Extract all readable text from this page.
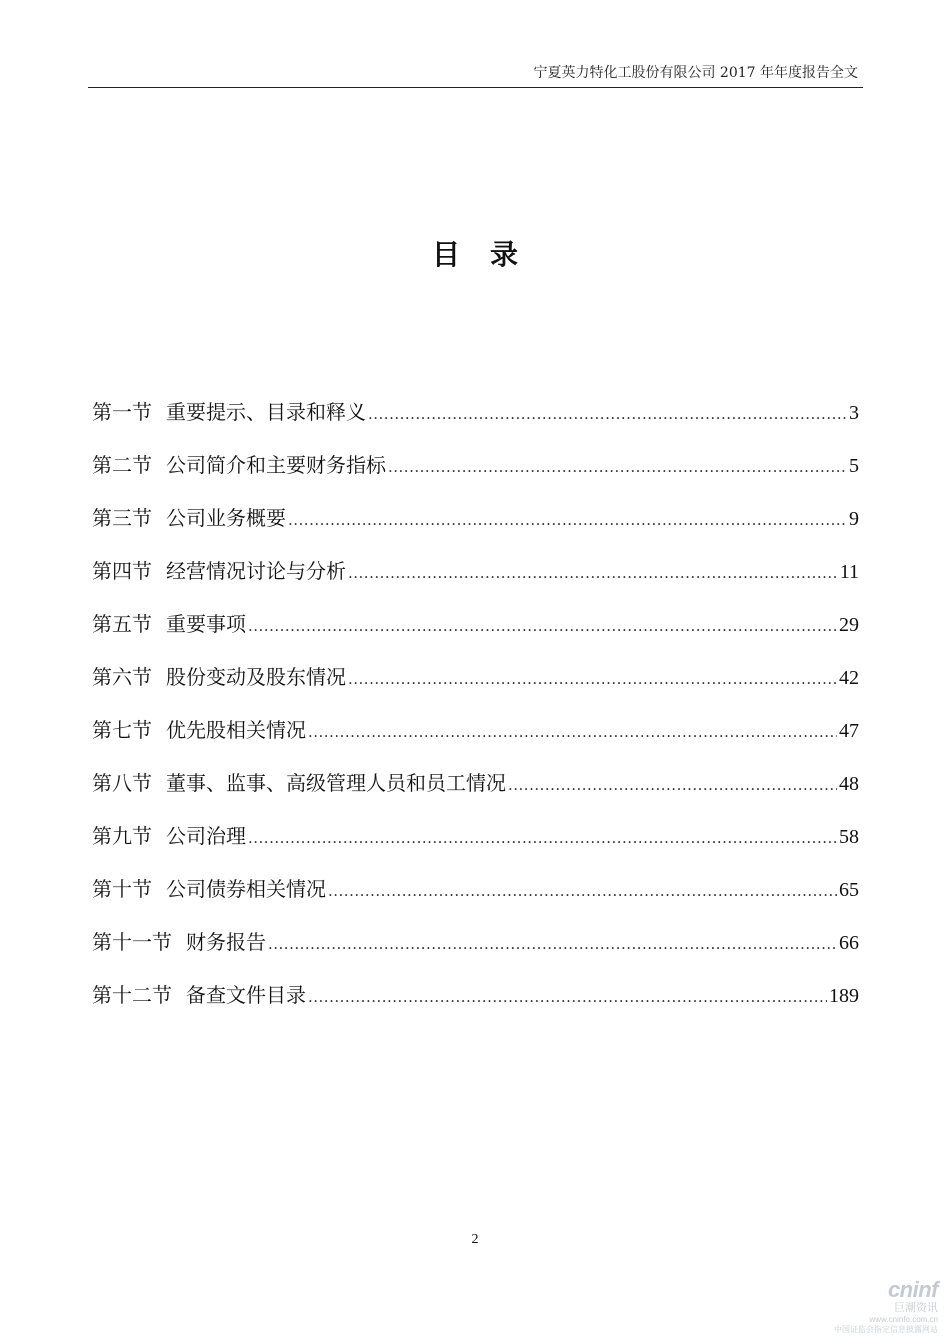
宁夏英力特化工股份有限公司 2017 年年度报告全文
目录
第一节 重要提示、目录和释义 .....	3
第二节 公司简介和主要财务指标 .....	5
第三节 公司业务概要 .....	9
第四节 经营情况讨论与分析 .....	11
第五节 重要事项 .....	29
第六节 股份变动及股东情况 .....	42
第七节 优先股相关情况 .....	47
第八节 董事、监事、高级管理人员和员工情况 .....	48
第九节 公司治理 .....	58
第十节 公司债券相关情况 .....	65
第十一节 财务报告 .....	66
第十二节 备查文件目录 .....	189
2
cninf
巨潮资讯
www.cninfo.com.cn
中国证监会指定信息披露网站
